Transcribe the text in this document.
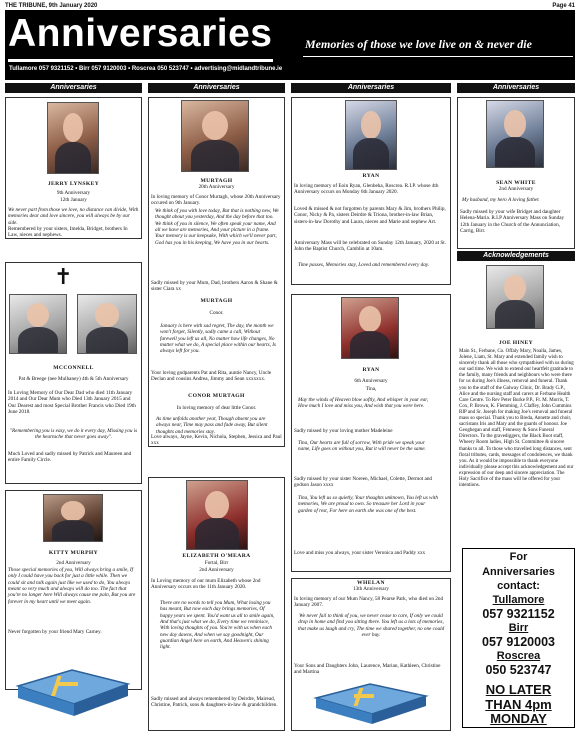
THE TRIBUNE, 9th January 2020	Page 41
Anniversaries	Memories of those we love live on & never die
Tullamore 057 9321152 • Birr 057 9120003 • Roscrea 050 523747 • advertising@midlandtribune.ie
Anniversaries
JERRY LYNSKEY
9th Anniversary
12th January
We never part from those we love, no distance can divide, With memories dear and love sincere, you will always be by our side.
Remembered by your sisters, Imelda, Bridget, brothers In Law, nieces and nephews.
✝
MCCONNELL
Pat & Breege (nee Mulhaney) 4th & 5th Anniversary
In Loving Memory of Our Dear Dad who died 11th January 2014 and Our Dear Mum who Died 13th January 2015 and Our Dearest and most Special Brother Francis who Died 19th June 2018.
"Remembering you is easy, we do it every day, Missing you is the heartache that never goes away".
Much Loved and sadly missed by Patrick and Maureen and entire Family Circle.
KITTY MURPHY
2nd Anniversary
Those special memories of you, Will always bring a smile, If only I could have you back for just a little while. Then we could sit and talk again just like we used to do, You always meant so very much and always will do too. The fact that you're no longer here Will always cause me pain, But you are forever in my heart until we meet again.
Never forgotten by your friend Mary Carney.
Anniversaries
MURTAGH
20th Anniversary
In loving memory of Conor Murtagh, whose 20th Anniversary occured on 9th January.
We think of you with love today, But that is nothing new, We thought about you yesterday, And the day before that too. We think of you in silence, We often speak your name, And all we have are memories, And your picture in a frame. Your memory is our keepsake, With which we'll never part, God has you in his keeping, We have you in our hearts.
Sadly missed by your Mum, Dad, brothers Aaron & Shane & sister Ciara xx
MURTAGH
Conor.
January is here with sad regret, The day, the month we won't forget, Silently, sadly came a call, Without farewell you left us all, No matter how life changes, No matter what we do, A special place within our hearts, Is always left for you.
Your loving godparents Pat and Rita, auntie Nancy, Uncle Declan and cousins Andrea, Jimmy and Sean xxxxxxx.
CONOR MURTAGH
In loving memory of dear little Conor.
As time unfolds another year, Though absent you are always near, Time may pass and fade away, But silent thoughts and memories stay.
Love always, Jayne, Kevin, Nichola, Stephen, Jessica and Paul xxx
ELIZABETH O'MEARA
Fortal, Birr
2nd Anniversary
In Loving memory of our mum Elizabeth whose 2nd Anniversary occurs on the 11th January 2020.
There are no words to tell you Mum, What losing you has meant, But now each day brings memories, Of happy years we spent. You'd want us all to smile again, And that's just what we do, Every time we reminisce, With loving thoughts of you. You're with us when each new day dawns, And when we say goodnight, Our guardian Angel here on earth, And Heaven's shining light.
Sadly missed and always remembered by Deirdre, Mairead, Christine, Patrick, sons & daughters-in-law & grandchildren.
Anniversaries
RYAN
In loving memory of Eoin Ryan, Glenbeha, Roscrea. R.I.P. whose 4th Anniversary occurs on Monday 6th January 2020.
Loved & missed & not forgotten by parents Mary & Jim, brothers Philip, Conor, Nicky & Pa, sisters Deirdre & Triona, brother-in-law Brian, sisters-in-law Dorothy and Laura, nieces and Marie and nephew Art.
Anniversary Mass will be celebrated on Sunday 12th January, 2020 at St. John the Baptist Church, Camblin at 10am.
Time passes, Memories stay, Loved and remembered every day.
RYAN
6th Anniversary
Tina,
May the winds of Heaven blow softly, And whisper in your ear, How much I love and miss you, And wish that you were here.
Sadly missed by your loving mother Madeleine
Tina, Our hearts are full of sorrow, With pride we speak your name, Life goes on without you, But it will never be the same.
Sadly missed by your sister Noreen, Michael, Colette, Dermot and godson Jason xxxx
Tina, You left us so quietly, Your thoughts unknown, You left us with memories, We are proud to own. So treasure her Lord in your garden of rest, For here on earth she was one of the best.
Love and miss you always, your sister Veronica and Paddy xxx
WHELAN
13th Anniversary
In loving memory of our Mum Nancy, 58 Pearse Park, who died on 2nd January 2007.
We never fail to think of you, we never cease to care, If only we could drop in home and find you sitting there. You left us a lots of memories, that make us laugh and cry, The time we shared together, no one could ever buy.
Your Sons and Daughters John, Laurence, Marian, Kathleen, Christine and Martina
Anniversaries
SEAN WHITE
2nd Anniversary
My husband, my hero A loving father.
Sadly missed by your wife Bridget and daughter Helena-Maria. R.I.P Anniversary Mass on Sunday 12th January in the Church of the Annunciation, Carrig, Birr.
Acknowledgements
JOE HINEY
Main St., Ferbane, Co. Offaly Mary, Noalla, James, Jolene, Liam, St. Mary and extended family wish to sincerely thank all those who sympathised with us during our sad time. We wish to extend our heartfelt gratitude to the family, many friends and neighbours who were there for us during Joe's illness, removal and funeral. Thank you to the staff of the Galway Clinic, Dr. Brady G.P., Alice and the nursing staff and carers at Ferbane Health Care Centre. To Rev Peter Burke P.P., Fr. M. Morris, T. Cox, P. Brown, K. Flemming, J. Claffey, John Cummins RIP and Sr. Joseph for making Joe's removal and funeral mass so special. Thank you to Breda, Annette and choir, sacristans Iris and Mary and the guards of honour. Joe Geoghegan and staff, Fennessy & Sons Funeral Directors. To the gravediggers, the Black Boot staff, Wheery Room ladies, High St. Committee & sincere thanks to all. To those who travelled long distances, sent floral tributes, cards, messages of condolences, we thank you. As it would be impossible to thank everyone individually please accept this acknowledgement and our expression of our deep and sincere appreciation. The Holy Sacrifice of the mass will be offered for your intentions.
For
Anniversaries
contact:
Tullamore
057 9321152
Birr
057 9120003
Roscrea
050 523747
NO LATER
THAN 4pm
MONDAY
